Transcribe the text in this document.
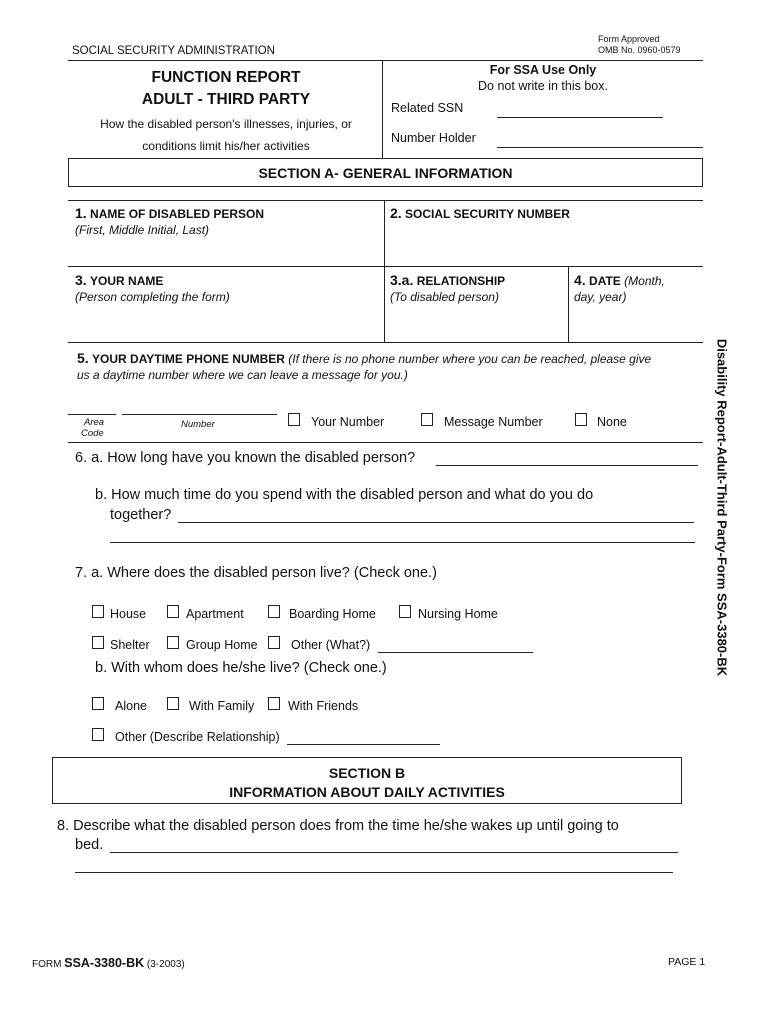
Form Approved
OMB No. 0960-0579
SOCIAL SECURITY ADMINISTRATION
FUNCTION REPORT
ADULT - THIRD PARTY
How the disabled person's illnesses, injuries, or
conditions limit his/her activities
For SSA Use Only
Do not write in this box.
Related SSN
Number Holder
SECTION A- GENERAL INFORMATION
1. NAME OF DISABLED PERSON
(First, Middle Initial, Last)
2. SOCIAL SECURITY NUMBER
3. YOUR NAME
(Person completing the form)
3.a. RELATIONSHIP
(To disabled person)
4. DATE (Month,
day, year)
5. YOUR DAYTIME PHONE NUMBER (If there is no phone number where you can be reached, please give
us a daytime number where we can leave a message for you.)
Area
Code
Number	Your Number	Message Number	None
6. a. How long have you known the disabled person?
b. How much time do you spend with the disabled person and what do you do
together?
7. a. Where does the disabled person live? (Check one.)
House	Apartment	Boarding Home	Nursing Home
Shelter	Group Home	Other (What?)
b. With whom does he/she live? (Check one.)
Alone	With Family	With Friends
Other (Describe Relationship)
SECTION B
INFORMATION ABOUT DAILY ACTIVITIES
8. Describe what the disabled person does from the time he/she wakes up until going to
bed.
FORM SSA-3380-BK (3-2003)	PAGE 1
Disability Report-Adult-Third Party-Form SSA-3380-BK
